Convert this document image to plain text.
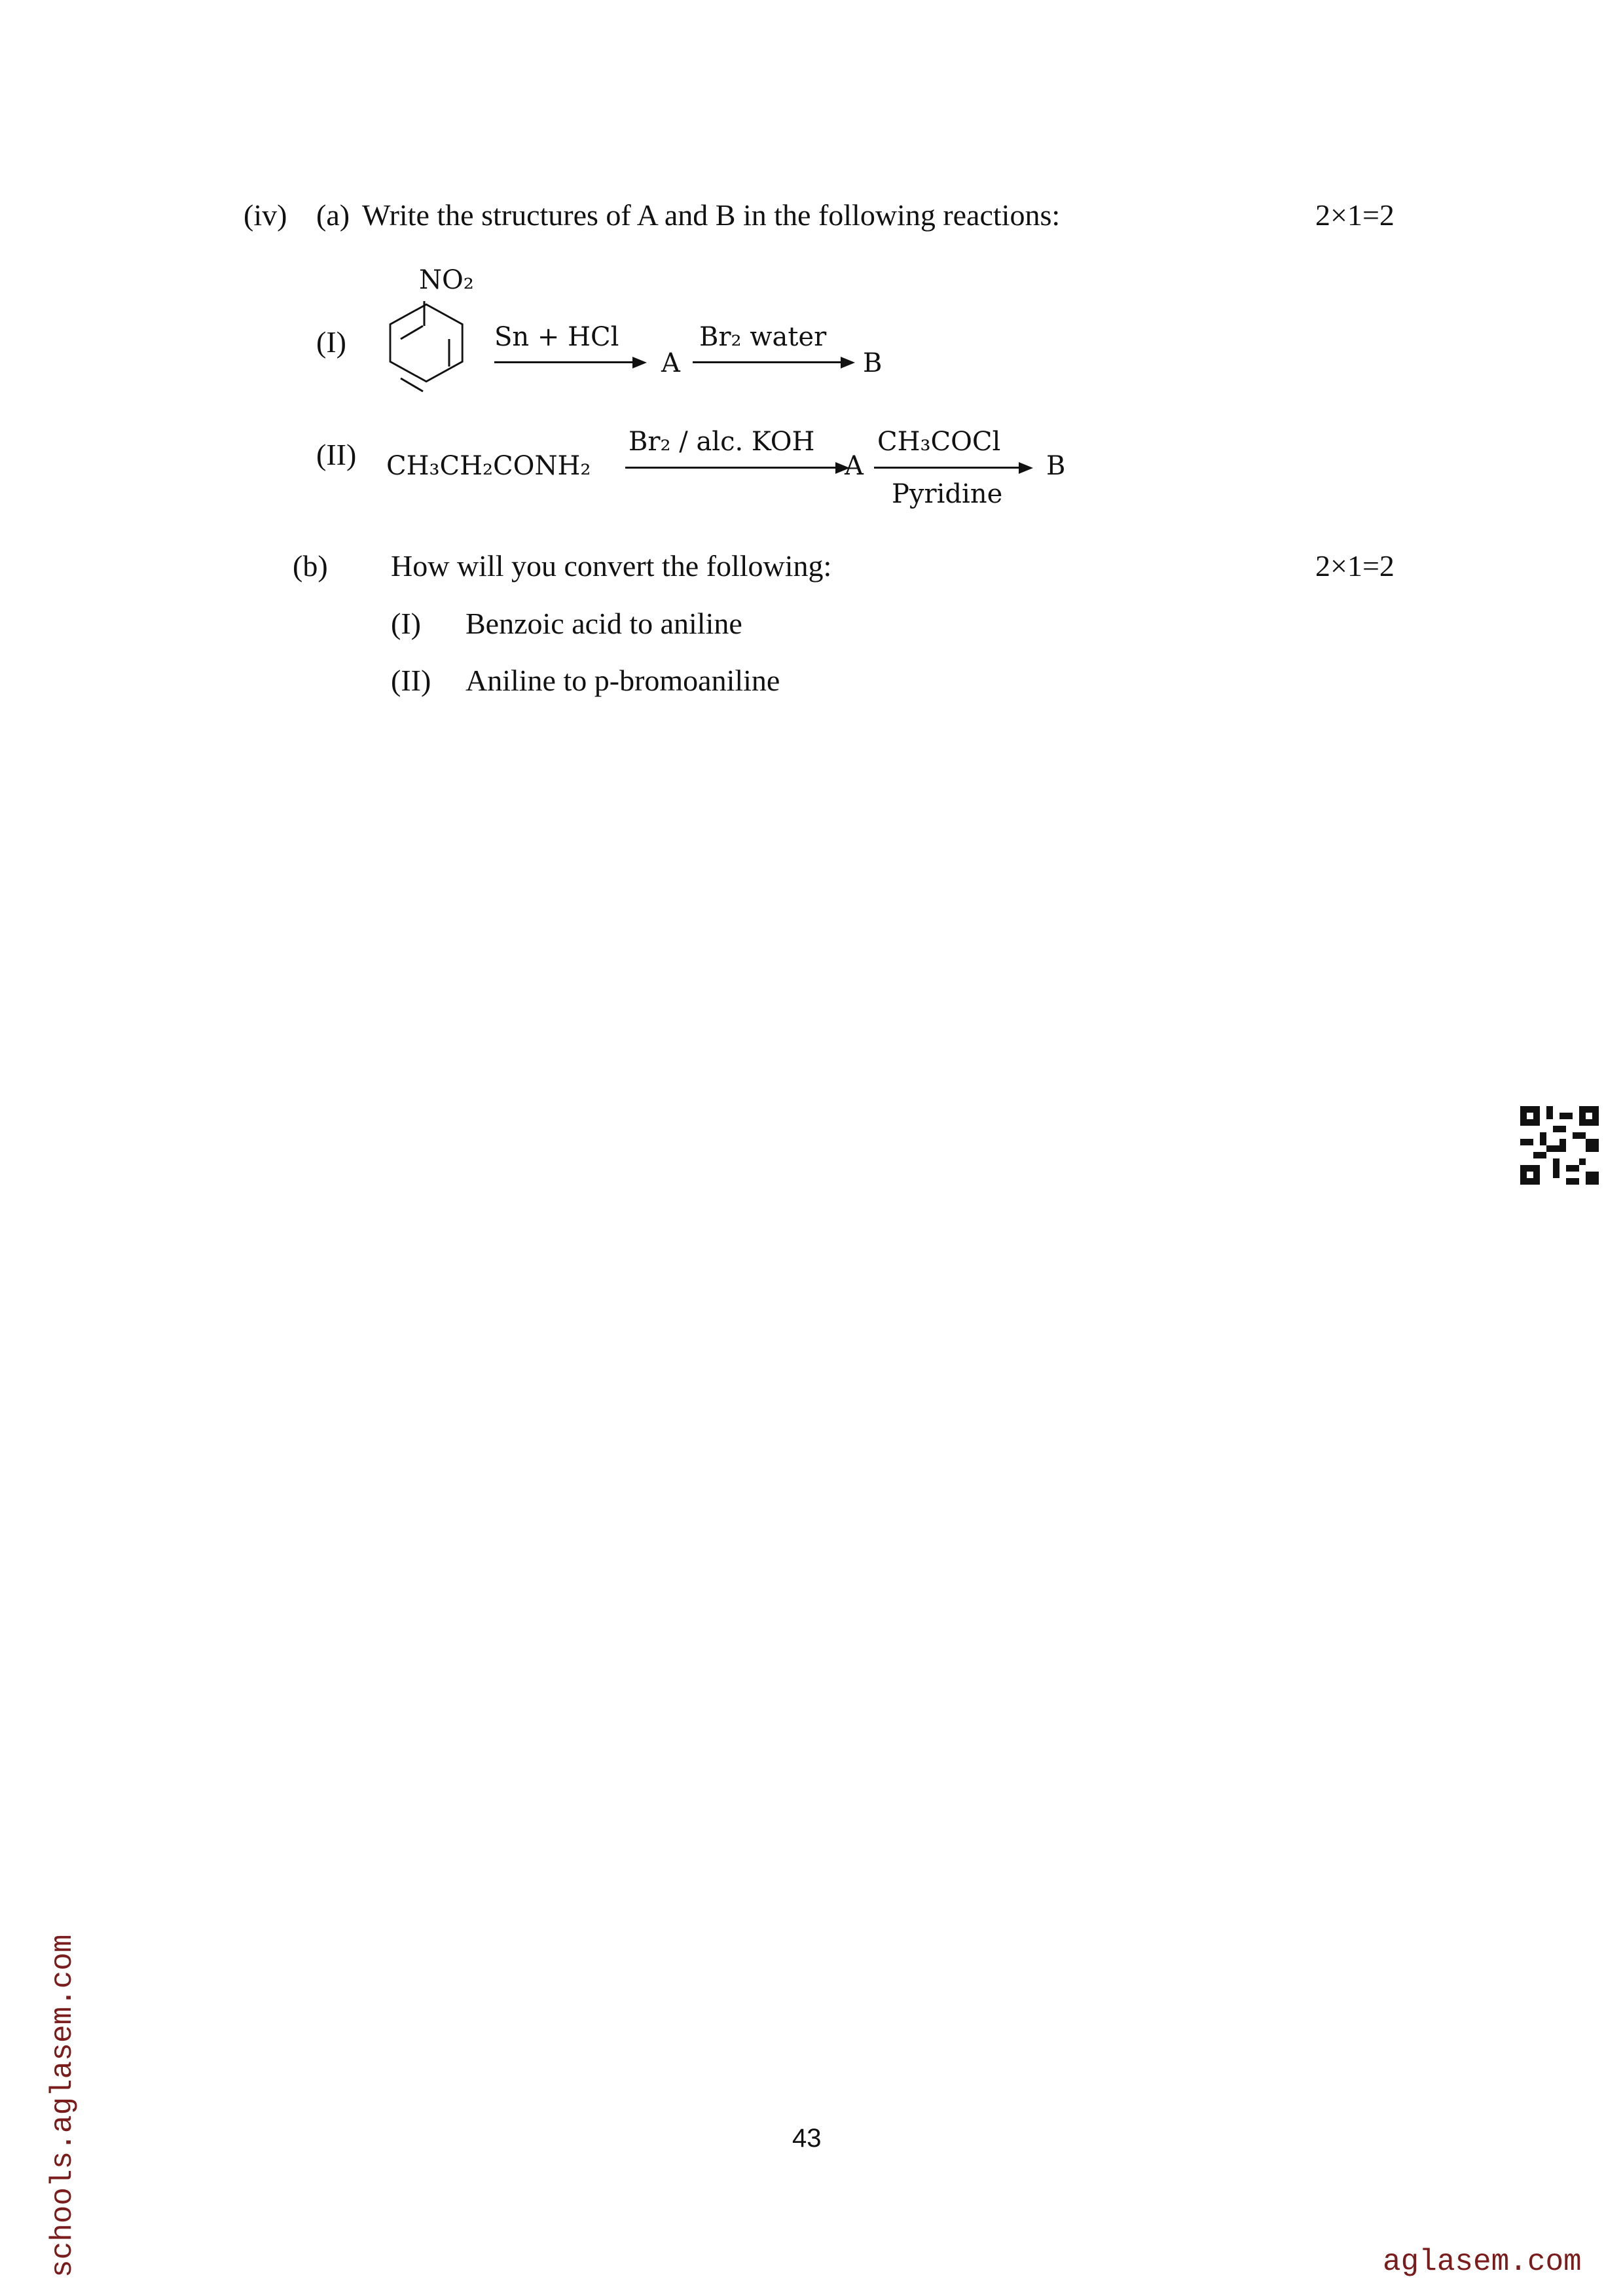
(iv) (a) Write the structures of A and B in the following reactions:	2×1=2
(I)
NO₂
Sn + HCl
A
Br₂ water
B
(II) CH₃CH₂CONH₂
Br₂ / alc. KOH
A
CH₃COCl
Pyridine
B
(b) How will you convert the following:	2×1=2
(I) Benzoic acid to aniline
(II) Aniline to p-bromoaniline
43
schools.aglasem.com	aglasem.com
